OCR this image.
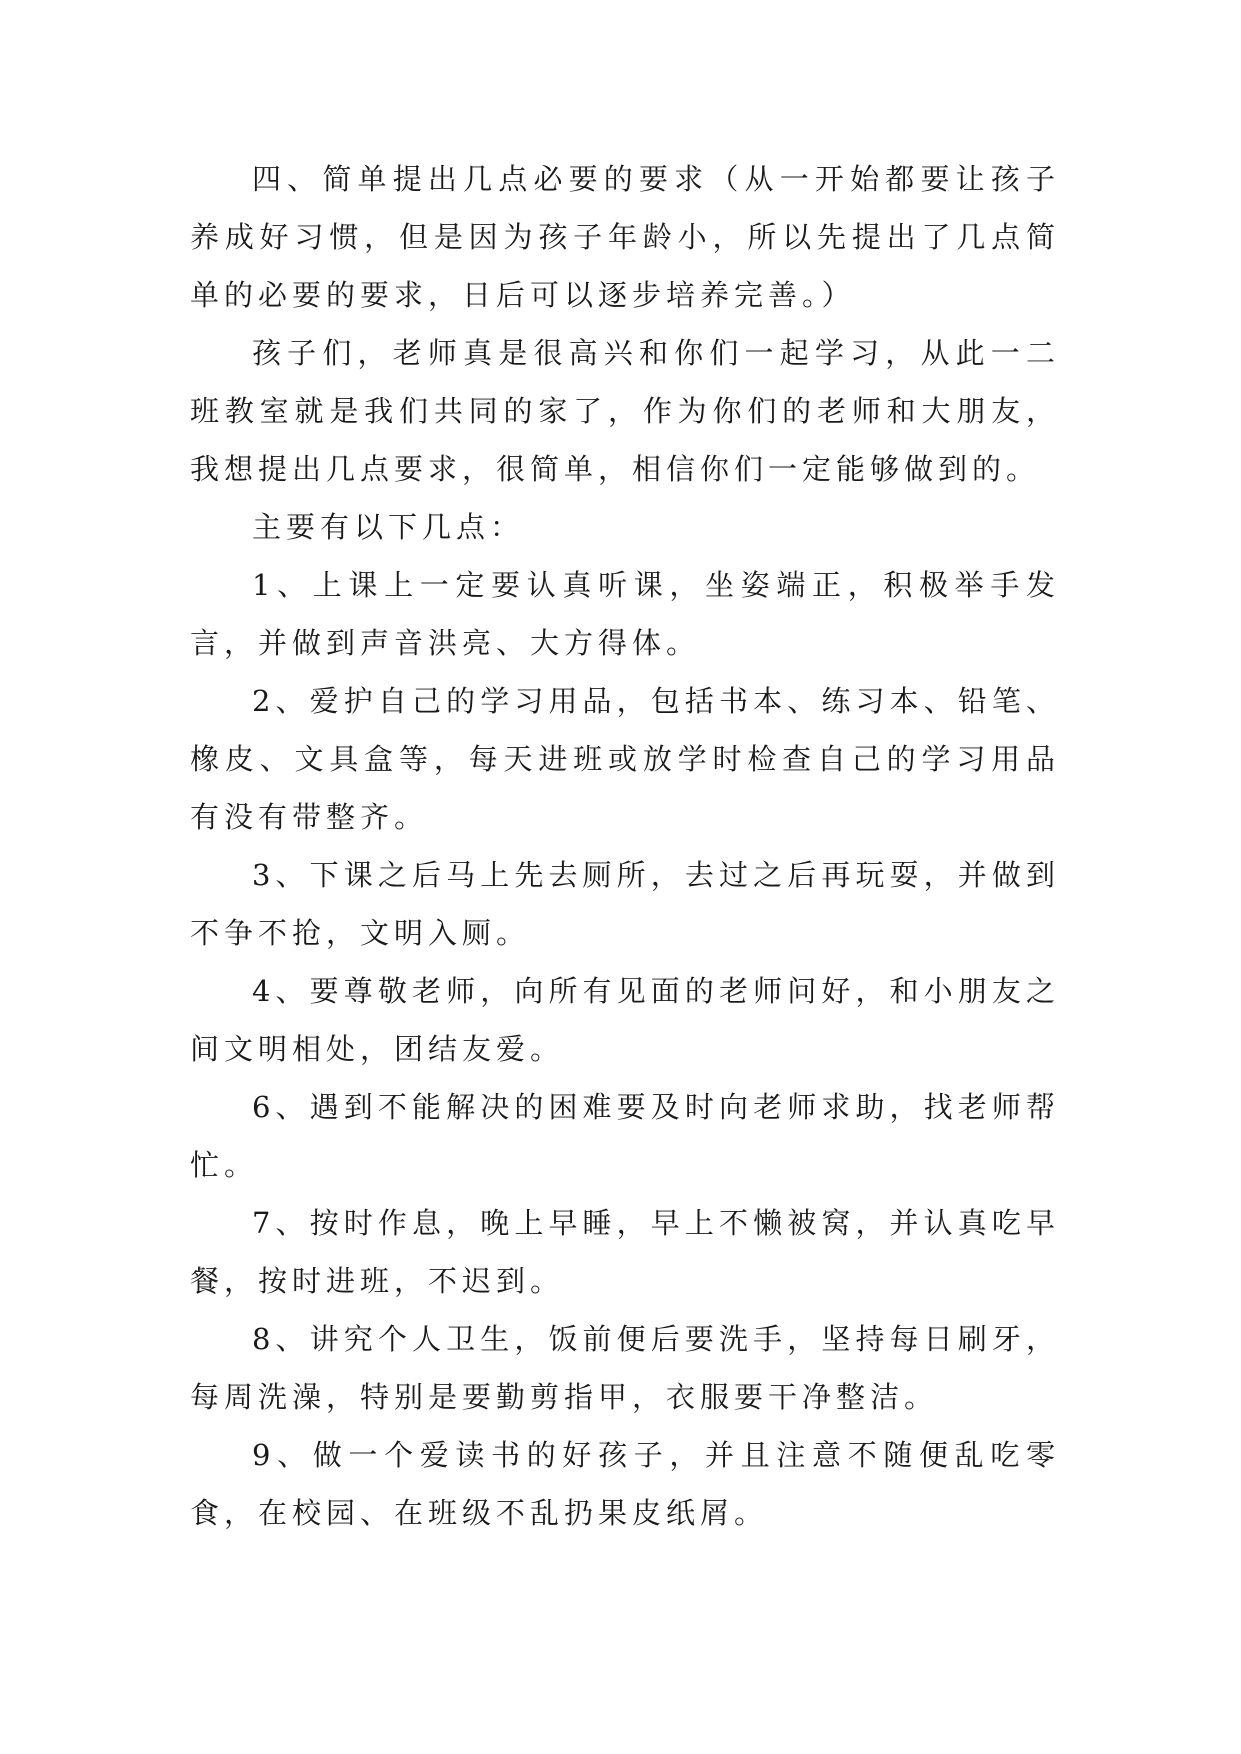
四、简单提出几点必要的要求（从一开始都要让孩子养成好习惯，但是因为孩子年龄小，所以先提出了几点简单的必要的要求，日后可以逐步培养完善。）

孩子们，老师真是很高兴和你们一起学习，从此一二班教室就是我们共同的家了，作为你们的老师和大朋友，我想提出几点要求，很简单，相信你们一定能够做到的。

主要有以下几点：

1、上课上一定要认真听课，坐姿端正，积极举手发言，并做到声音洪亮、大方得体。

2、爱护自己的学习用品，包括书本、练习本、铅笔、橡皮、文具盒等，每天进班或放学时检查自己的学习用品有没有带整齐。

3、下课之后马上先去厕所，去过之后再玩耍，并做到不争不抢，文明入厕。

4、要尊敬老师，向所有见面的老师问好，和小朋友之间文明相处，团结友爱。

6、遇到不能解决的困难要及时向老师求助，找老师帮忙。

7、按时作息，晚上早睡，早上不懒被窝，并认真吃早餐，按时进班，不迟到。

8、讲究个人卫生，饭前便后要洗手，坚持每日刷牙，每周洗澡，特别是要勤剪指甲，衣服要干净整洁。

9、做一个爱读书的好孩子，并且注意不随便乱吃零食，在校园、在班级不乱扔果皮纸屑。
